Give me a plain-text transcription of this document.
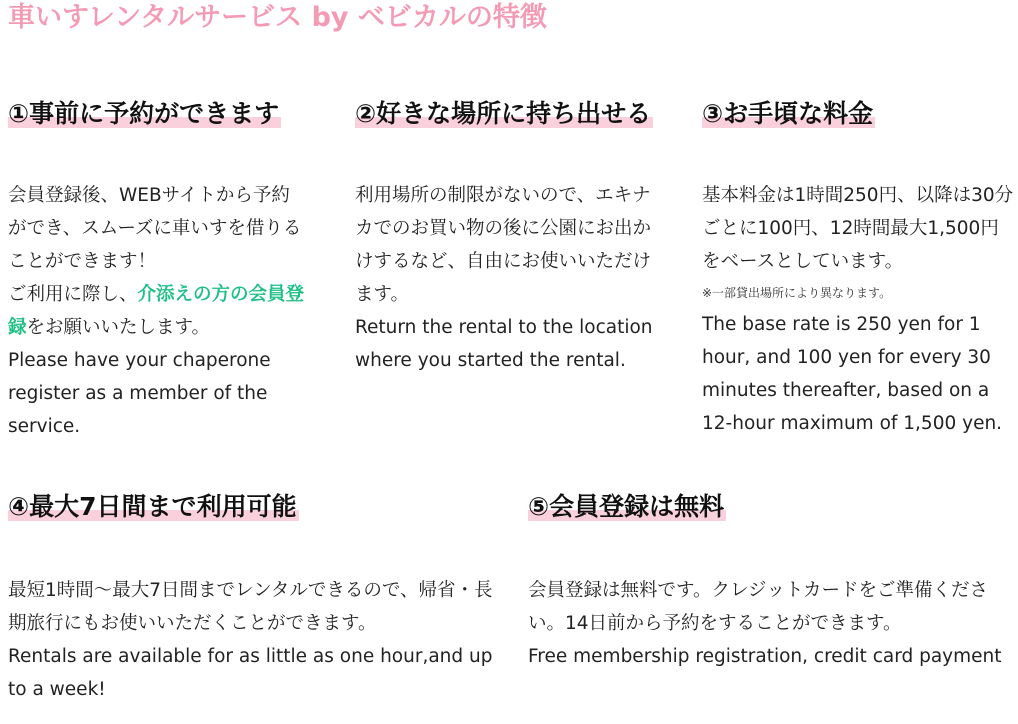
車いすレンタルサービス by ベビカルの特徴
①事前に予約ができます

会員登録後、WEBサイトから予約ができ、スムーズに車いすを借りることができます！
ご利用に際し、介添えの方の会員登録をお願いいたします。
Please have your chaperone register as a member of the service.

②好きな場所に持ち出せる

利用場所の制限がないので、エキナカでのお買い物の後に公園にお出かけするなど、自由にお使いいただけます。
Return the rental to the location where you started the rental.

③お手頃な料金

基本料金は1時間250円、以降は30分ごとに100円、12時間最大1,500円をベースとしています。
※一部貸出場所により異なります。
The base rate is 250 yen for 1 hour, and 100 yen for every 30 minutes thereafter, based on a 12-hour maximum of 1,500 yen.

④最大7日間まで利用可能

最短1時間～最大7日間までレンタルできるので、帰省・長期旅行にもお使いいただくことができます。
Rentals are available for as little as one hour,and up to a week!

⑤会員登録は無料

会員登録は無料です。クレジットカードをご準備ください。14日前から予約をすることができます。
Free membership registration, credit card payment
